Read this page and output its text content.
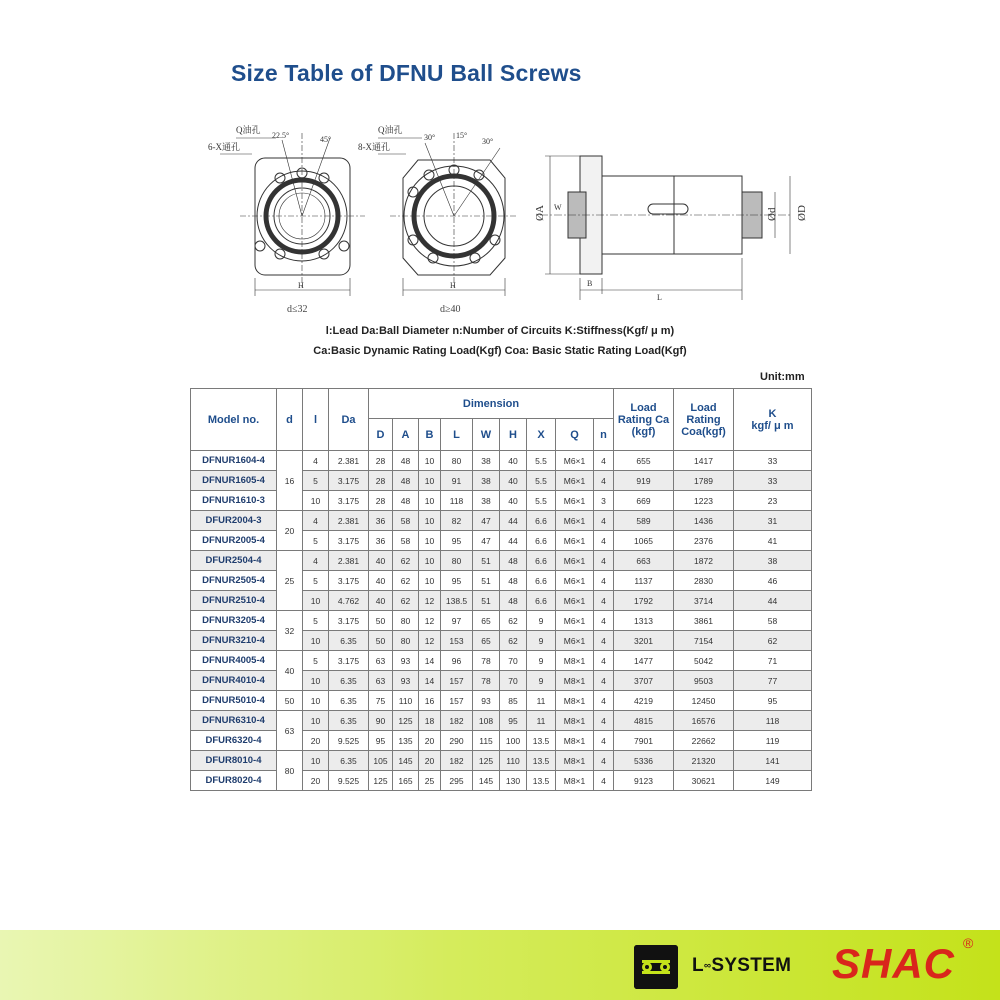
Size Table of DFNU Ball Screws
Q油孔
6-X通孔
22.5°	45°
H
d≤32
Q油孔
8-X通孔
30°	15°
30°
H
d≥40
ØA W
B
L
Ød ØD
l:Lead Da:Ball Diameter n:Number of Circuits K:Stiffness(Kgf/ μ m)
Ca:Basic Dynamic Rating Load(Kgf) Coa: Basic Static Rating Load(Kgf)
Unit:mm
Model no.	d	l	Da	Dimension									Load
Rating Ca
(kgf)	Load
Rating
Coa(kgf)	K
kgf/ μ m
				D	A	B	L	W	H	X	Q	n			
DFNUR1604-4	16	4	2.381	28	48	10	80	38	40	5.5	M6×1	4	655	1417	33
DFNUR1605-4		5	3.175	28	48	10	91	38	40	5.5	M6×1	4	919	1789	33
DFNUR1610-3		10	3.175	28	48	10	118	38	40	5.5	M6×1	3	669	1223	23
DFUR2004-3	20	4	2.381	36	58	10	82	47	44	6.6	M6×1	4	589	1436	31
DFNUR2005-4		5	3.175	36	58	10	95	47	44	6.6	M6×1	4	1065	2376	41
DFUR2504-4	25	4	2.381	40	62	10	80	51	48	6.6	M6×1	4	663	1872	38
DFNUR2505-4		5	3.175	40	62	10	95	51	48	6.6	M6×1	4	1137	2830	46
DFNUR2510-4		10	4.762	40	62	12	138.5	51	48	6.6	M6×1	4	1792	3714	44
DFNUR3205-4	32	5	3.175	50	80	12	97	65	62	9	M6×1	4	1313	3861	58
DFNUR3210-4		10	6.35	50	80	12	153	65	62	9	M6×1	4	3201	7154	62
DFNUR4005-4	40	5	3.175	63	93	14	96	78	70	9	M8×1	4	1477	5042	71
DFNUR4010-4		10	6.35	63	93	14	157	78	70	9	M8×1	4	3707	9503	77
DFNUR5010-4	50	10	6.35	75	110	16	157	93	85	11	M8×1	4	4219	12450	95
DFNUR6310-4	63	10	6.35	90	125	18	182	108	95	11	M8×1	4	4815	16576	118
DFUR6320-4		20	9.525	95	135	20	290	115	100	13.5	M8×1	4	7901	22662	119
DFUR8010-4	80	10	6.35	105	145	20	182	125	110	13.5	M8×1	4	5336	21320	141
DFUR8020-4		20	9.525	125	165	25	295	145	130	13.5	M8×1	4	9123	30621	149
L∞SYSTEM SHAC ®
